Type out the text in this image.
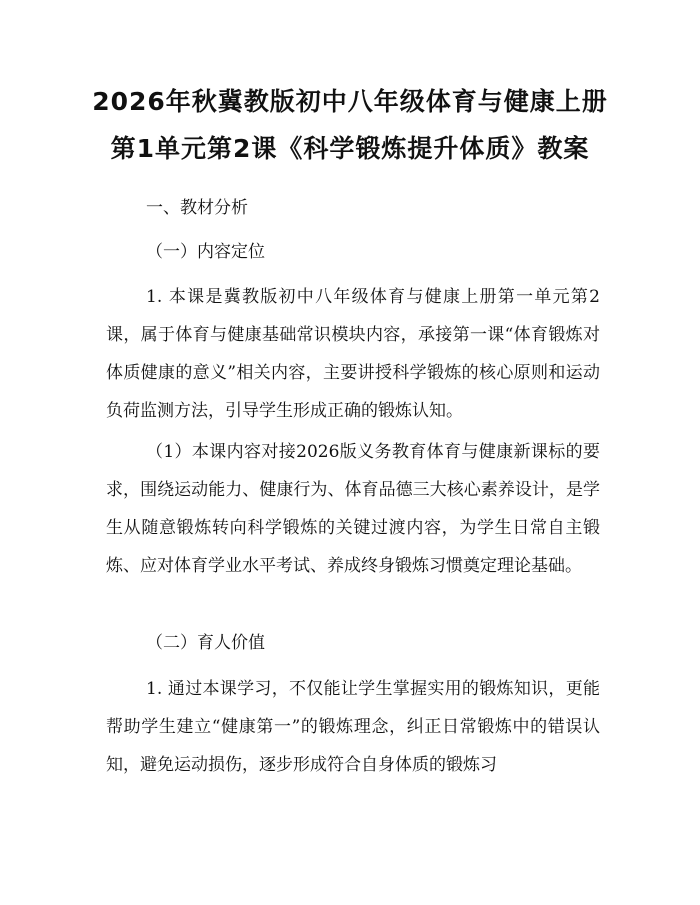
2026年秋冀教版初中八年级体育与健康上册
第1单元第2课《科学锻炼提升体质》教案
一、教材分析
（一）内容定位

1. 本课是冀教版初中八年级体育与健康上册第一单元第2课，属于体育与健康基础常识模块内容，承接第一课“体育锻炼对体质健康的意义”相关内容，主要讲授科学锻炼的核心原则和运动负荷监测方法，引导学生形成正确的锻炼认知。

（1）本课内容对接2026版义务教育体育与健康新课标的要求，围绕运动能力、健康行为、体育品德三大核心素养设计，是学生从随意锻炼转向科学锻炼的关键过渡内容，为学生日常自主锻炼、应对体育学业水平考试、养成终身锻炼习惯奠定理论基础。

（二）育人价值

1. 通过本课学习，不仅能让学生掌握实用的锻炼知识，更能帮助学生建立“健康第一”的锻炼理念，纠正日常锻炼中的错误认知，避免运动损伤，逐步形成符合自身体质的锻炼习
